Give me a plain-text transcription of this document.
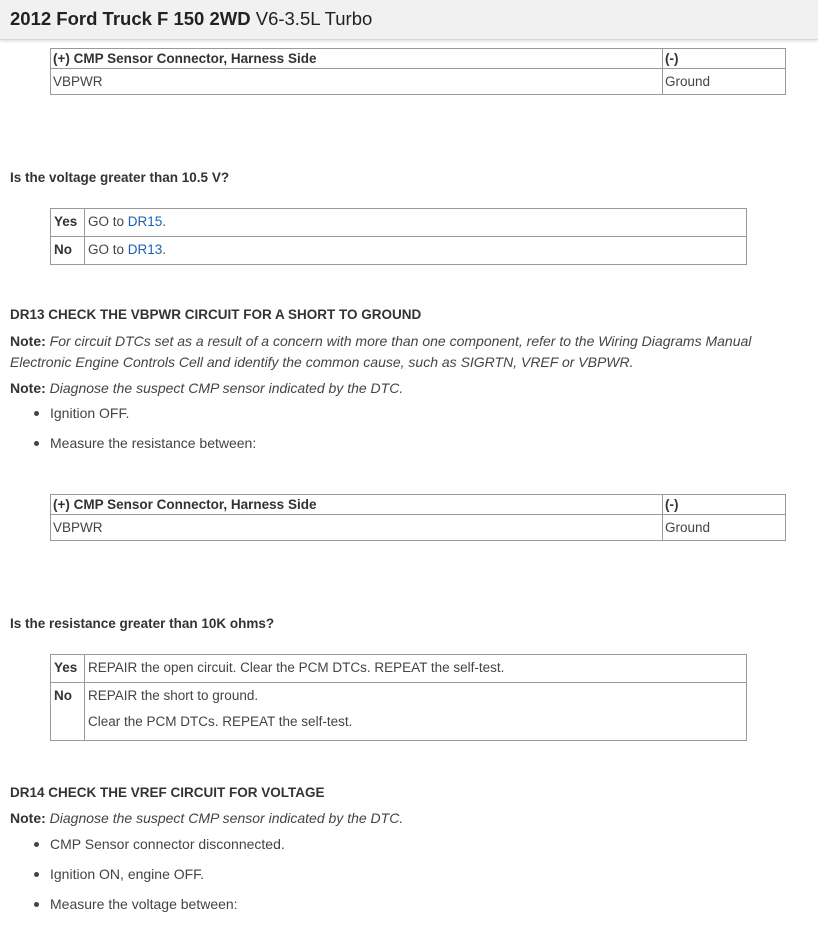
2012 Ford Truck F 150 2WD V6-3.5L Turbo
(+) CMP Sensor Connector, Harness Side	(-)
VBPWR	Ground
Is the voltage greater than 10.5 V?
Yes	GO to DR15.
No	GO to DR13.
DR13 CHECK THE VBPWR CIRCUIT FOR A SHORT TO GROUND
Note: For circuit DTCs set as a result of a concern with more than one component, refer to the Wiring Diagrams Manual
Electronic Engine Controls Cell and identify the common cause, such as SIGRTN, VREF or VBPWR.
Note: Diagnose the suspect CMP sensor indicated by the DTC.
Ignition OFF.
Measure the resistance between:
(+) CMP Sensor Connector, Harness Side	(-)
VBPWR	Ground
Is the resistance greater than 10K ohms?
Yes	REPAIR the open circuit. Clear the PCM DTCs. REPEAT the self-test.
No	REPAIR the short to ground.
Clear the PCM DTCs. REPEAT the self-test.
DR14 CHECK THE VREF CIRCUIT FOR VOLTAGE
Note: Diagnose the suspect CMP sensor indicated by the DTC.
CMP Sensor connector disconnected.
Ignition ON, engine OFF.
Measure the voltage between:
